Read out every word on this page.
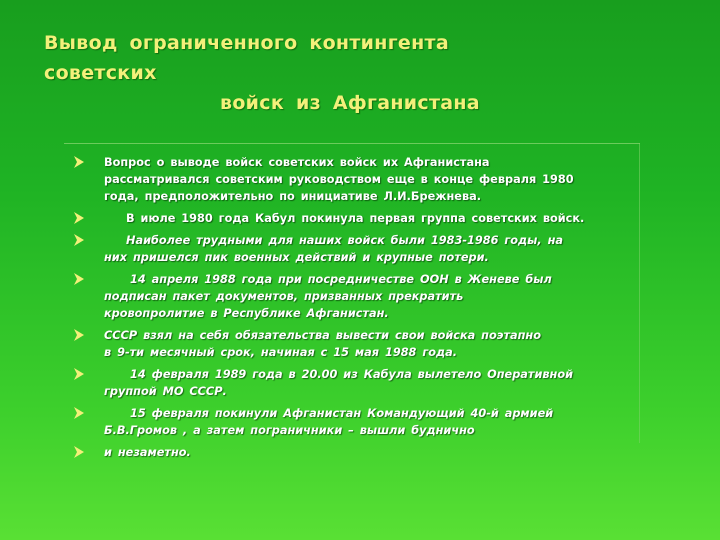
Вывод ограниченного контингента
советских
войск из Афганистана
Вопрос о выводе войск советских войск их Афганистана
рассматривался советским руководством еще в конце февраля 1980
года, предположительно по инициативе Л.И.Брежнева.
В июле 1980 года Кабул покинула первая группа советских войск.
Наиболее трудными для наших войск были 1983-1986 годы, на
них пришелся пик военных действий и крупные потери.
14 апреля 1988 года при посредничестве ООН в Женеве был
подписан пакет документов, призванных прекратить
кровопролитие в Республике Афганистан.
СССР взял на себя обязательства вывести свои войска поэтапно
в 9-ти месячный срок, начиная с 15 мая 1988 года.
14 февраля 1989 года в 20.00 из Кабула вылетело Оперативной
группой МО СССР.
15 февраля покинули Афганистан Командующий 40-й армией
Б.В.Громов , а затем пограничники – вышли буднично
и незаметно.
